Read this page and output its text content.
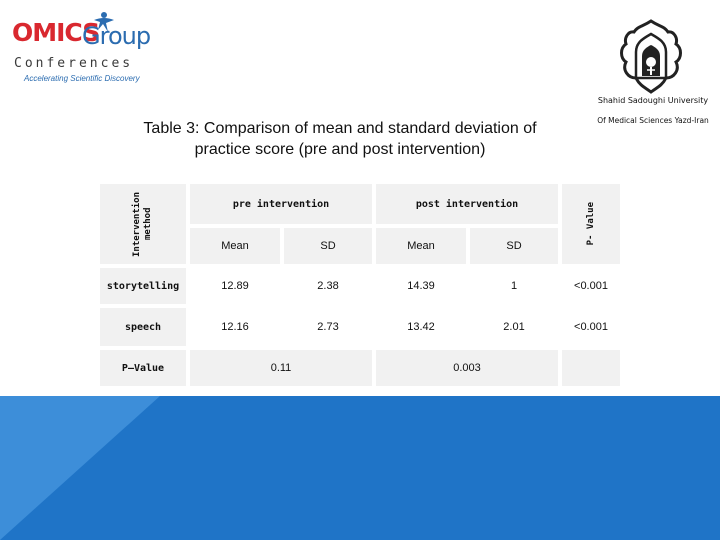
OMICS
Group
Conferences
Accelerating Scientific Discovery
Shahid Sadoughi University
Of Medical Sciences Yazd-Iran
Table 3: Comparison of mean and standard deviation of
practice score (pre and post intervention)
Intervention method
pre intervention	post intervention	P- Value
Mean	SD	Mean	SD
storytelling	12.89	2.38	14.39	1	<0.001
speech	12.16	2.73	13.42	2.01	<0.001
P–Value	0.11	0.003
